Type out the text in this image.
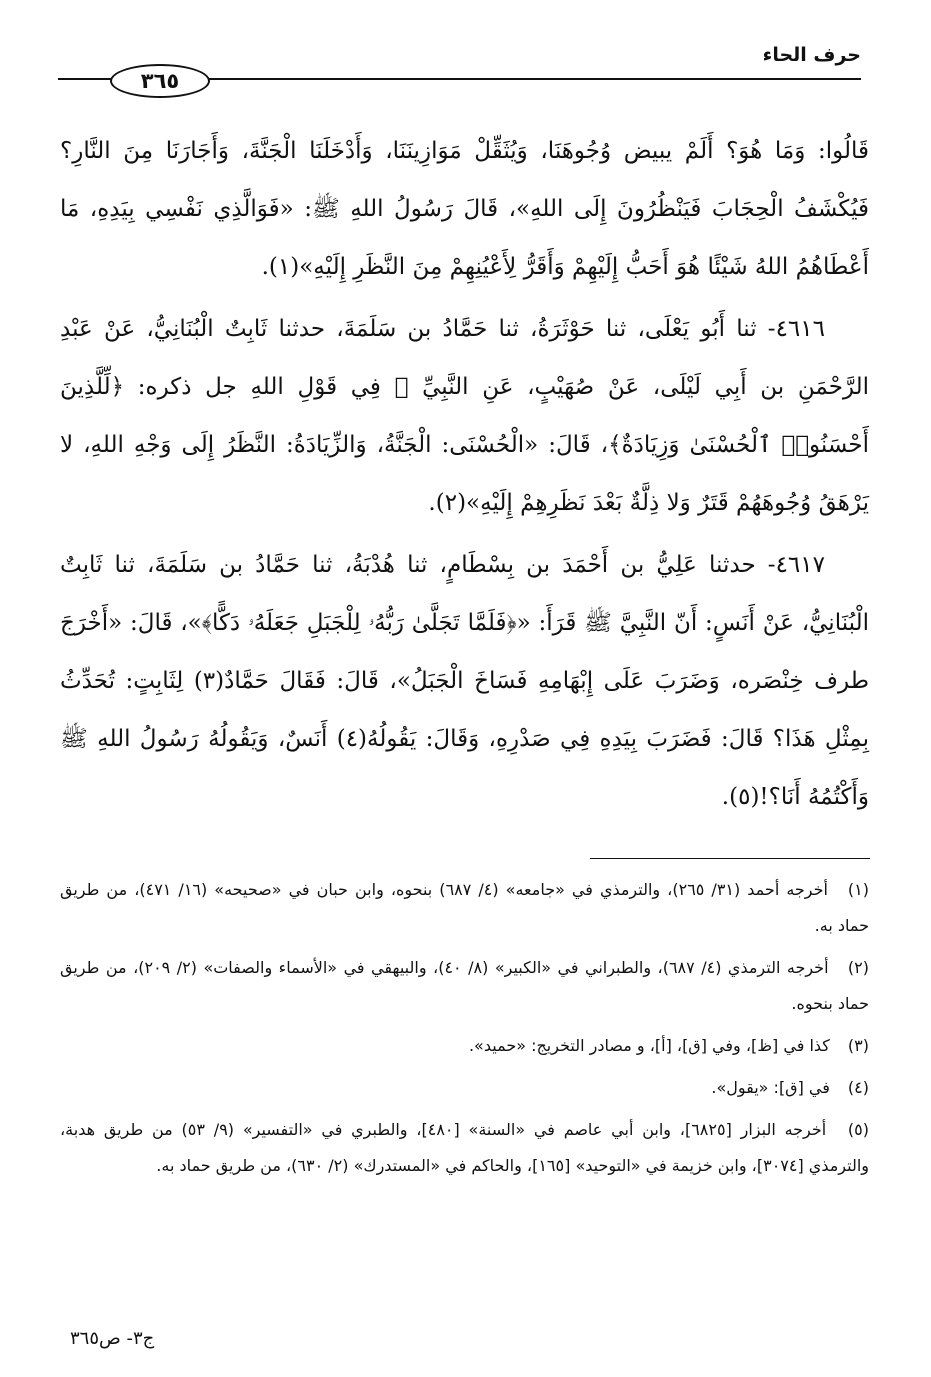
حرف الحاء
٣٦٥

قَالُوا: وَمَا هُوَ؟ أَلَمْ يبيض وُجُوهَنَا، وَيُثَقِّلْ مَوَازِينَنَا، وَأَدْخَلَنَا الْجَنَّةَ، وَأَجَارَنَا مِنَ النَّارِ؟ فَيُكْشَفُ الْحِجَابَ فَيَنْظُرُونَ إِلَى اللهِ»، قَالَ رَسُولُ اللهِ ﷺ: «فَوَالَّذِي نَفْسِي بِيَدِهِ، مَا أَعْطَاهُمُ اللهُ شَيْئًا هُوَ أَحَبُّ إِلَيْهِمْ وَأَقَرُّ لِأَعْيُنِهِمْ مِنَ النَّظَرِ إِلَيْهِ»(١).

٤٦١٦- ثنا أَبُو يَعْلَى، ثنا حَوْثَرَةُ، ثنا حَمَّادُ بن سَلَمَةَ، حدثنا ثَابِتٌ الْبُنَانِيُّ، عَنْ عَبْدِ الرَّحْمَنِ بن أَبِي لَيْلَى، عَنْ صُهَيْبٍ، عَنِ النَّبِيِّ ﷺ فِي قَوْلِ اللهِ جل ذكره: ﴿لِّلَّذِينَ أَحْسَنُوا۟ ٱلْحُسْنَىٰ وَزِيَادَةٌ﴾، قَالَ: «الْحُسْنَى: الْجَنَّةُ، وَالزِّيَادَةُ: النَّظَرُ إِلَى وَجْهِ اللهِ، لا يَرْهَقُ وُجُوهَهُمْ قَتَرٌ وَلا ذِلَّةٌ بَعْدَ نَظَرِهِمْ إِلَيْهِ»(٢).

٤٦١٧- حدثنا عَلِيُّ بن أَحْمَدَ بن بِسْطَامٍ، ثنا هُدْبَةُ، ثنا حَمَّادُ بن سَلَمَةَ، ثنا ثَابِتٌ الْبُنَانِيُّ، عَنْ أَنَسٍ: أَنّ النَّبِيَّ ﷺ قَرَأَ: «﴿فَلَمَّا تَجَلَّىٰ رَبُّهُۥ لِلْجَبَلِ جَعَلَهُۥ دَكًّا﴾»، قَالَ: «أَخْرَجَ طرف خِنْصَره، وَضَرَبَ عَلَى إِبْهَامِهِ فَسَاخَ الْجَبَلُ»، قَالَ: فَقَالَ حَمَّادٌ(٣) لِثَابِتٍ: تُحَدِّثُ بِمِثْلِ هَذَا؟ قَالَ: فَضَرَبَ بِيَدِهِ فِي صَدْرِهِ، وَقَالَ: يَقُولُهُ(٤) أَنَسٌ، وَيَقُولُهُ رَسُولُ اللهِ ﷺ وَأَكْتُمُهُ أَنَا؟!(٥).

(١) أخرجه أحمد (٣١/ ٢٦٥)، والترمذي في «جامعه» (٤/ ٦٨٧) بنحوه، وابن حبان في «صحيحه» (١٦/ ٤٧١)، من طريق حماد به.

(٢) أخرجه الترمذي (٤/ ٦٨٧)، والطبراني في «الكبير» (٨/ ٤٠)، والبيهقي في «الأسماء والصفات» (٢/ ٢٠٩)، من طريق حماد بنحوه.

(٣) كذا في [ظ]، وفي [ق]، [أ]، و مصادر التخريج: «حميد».

(٤) في [ق]: «يقول».

(٥) أخرجه البزار [٦٨٢٥]، وابن أبي عاصم في «السنة» [٤٨٠]، والطبري في «التفسير» (٩/ ٥٣) من طريق هدبة، والترمذي [٣٠٧٤]، وابن خزيمة في «التوحيد» [١٦٥]، والحاكم في «المستدرك» (٢/ ٦٣٠)، من طريق حماد به.

ج٣- ص٣٦٥
